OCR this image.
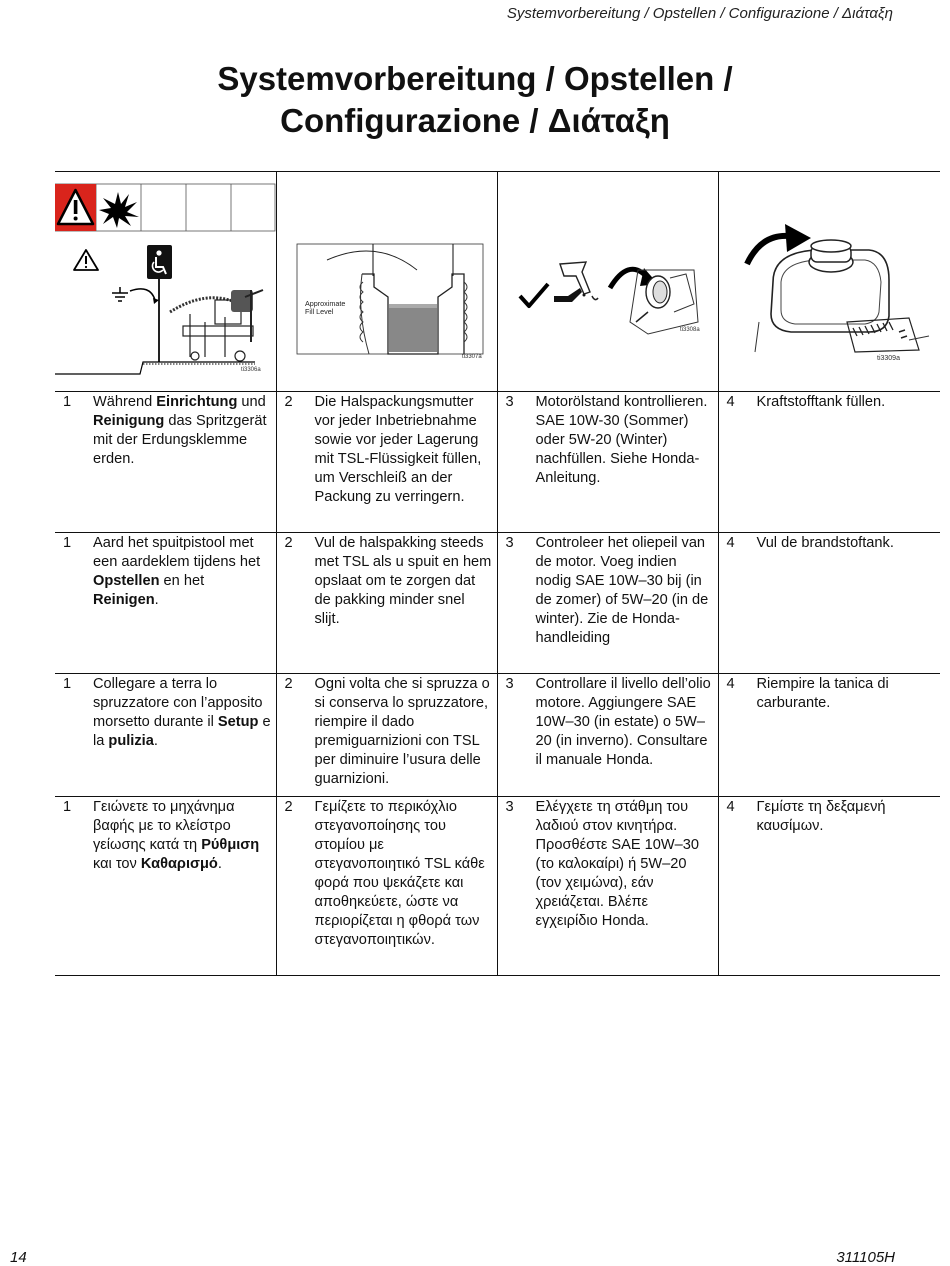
Systemvorbereitung / Opstellen / Configurazione / Διάταξη
Systemvorbereitung / Opstellen /
Configurazione / Διάταξη
ti3306a	Approximate Fill Level
ti3307a	ti3308a	ti3309a

1 Während Einrichtung und Reinigung das Spritzgerät mit der Erdungsklemme erden.	2 Die Halspackungsmutter vor jeder Inbetriebnahme sowie vor jeder Lagerung mit TSL-Flüssigkeit füllen, um Verschleiß an der Packung zu verringern.	3 Motorölstand kontrollieren. SAE 10W-30 (Sommer) oder 5W-20 (Winter) nachfüllen. Siehe Honda-Anleitung.	4 Kraftstofftank füllen.

1 Aard het spuitpistool met een aardeklem tijdens het Opstellen en het Reinigen.	2 Vul de halspakking steeds met TSL als u spuit en hem opslaat om te zorgen dat de pakking minder snel slijt.	3 Controleer het oliepeil van de motor. Voeg indien nodig SAE 10W–30 bij (in de zomer) of 5W–20 (in de winter). Zie de Honda-handleiding	4 Vul de brandstoftank.

1 Collegare a terra lo spruzzatore con l’apposito morsetto durante il Setup e la pulizia.	2 Ogni volta che si spruzza o si conserva lo spruzzatore, riempire il dado premiguarnizioni con TSL per diminuire l’usura delle guarnizioni.	3 Controllare il livello dell’olio motore. Aggiungere SAE 10W–30 (in estate) o 5W–20 (in inverno). Consultare il manuale Honda.	4 Riempire la tanica di carburante.

1 Γειώνετε το μηχάνημα βαφής με το κλείστρο γείωσης κατά τη Ρύθμιση και τον Καθαρισμό.	2 Γεμίζετε το περικόχλιο στεγανοποίησης του στομίου με στεγανοποιητικό TSL κάθε φορά που ψεκάζετε και αποθηκεύετε, ώστε να περιορίζεται η φθορά των στεγανοποιητικών.	3 Ελέγχετε τη στάθμη του λαδιού στον κινητήρα. Προσθέστε SAE 10W–30 (το καλοκαίρι) ή 5W–20 (τον χειμώνα), εάν χρειάζεται. Βλέπε εγχειρίδιο Honda.	4 Γεμίστε τη δεξαμενή καυσίμων.
14	311105H
